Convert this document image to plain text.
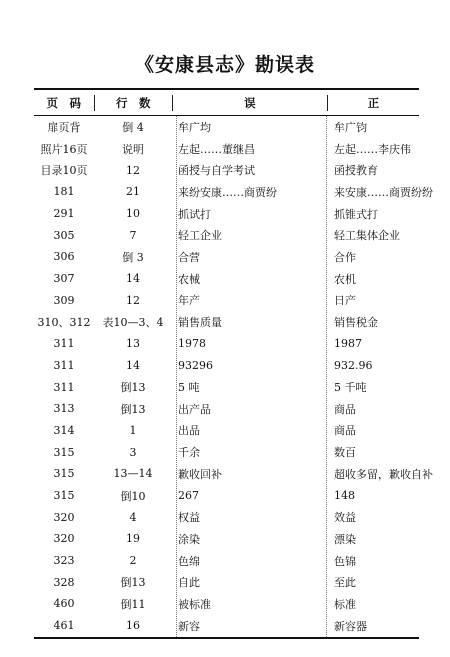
《安康县志》勘误表
页　码	行　数	误	正
扉页背	倒 4	牟广均	牟广钧
照片16页	说明	左起……董继昌	左起……李庆伟
目录10页	12	函授与自学考试	函授教育
181	21	来纷安康……商贾纷	来安康……商贾纷纷
291	10	抓试打	抓锥式打
305	7	轻工企业	轻工集体企业
306	倒 3	合营	合作
307	14	农械	农机
309	12	年产	日产
310、312	表10—3、4	销售质量	销售税金
311	13	1978	1987
311	14	93296	932.96
311	倒13	5 吨	5 千吨
313	倒13	出产品	商品
314	1	出品	商品
315	3	千余	数百
315	13—14	歉收回补	超收多留，歉收自补
315	倒10	267	148
320	4	权益	效益
320	19	涂染	漂染
323	2	色绵	色锦
328	倒13	自此	至此
460	倒11	被标准	标准
461	16	新容	新容器
